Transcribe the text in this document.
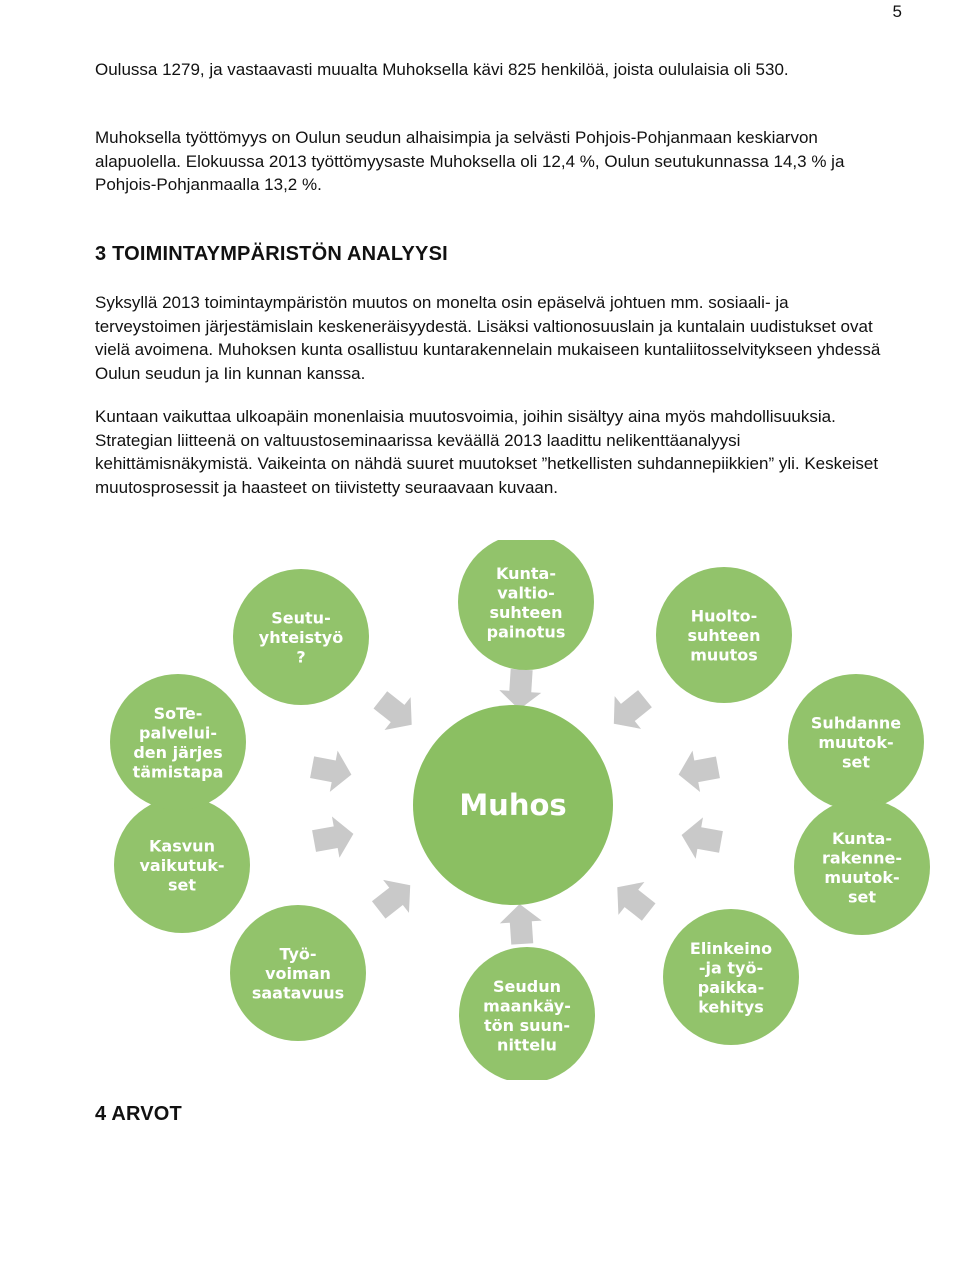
5

Oulussa 1279, ja vastaavasti muualta Muhoksella kävi 825 henkilöä, joista oululaisia oli 530.

Muhoksella työttömyys on Oulun seudun alhaisimpia ja selvästi Pohjois-Pohjanmaan keskiarvon alapuolella. Elokuussa 2013 työttömyysaste Muhoksella oli 12,4 %, Oulun seutukunnassa 14,3 % ja Pohjois-Pohjanmaalla 13,2 %.

3 TOIMINTAYMPÄRISTÖN ANALYYSI

Syksyllä 2013 toimintaympäristön muutos on monelta osin epäselvä johtuen mm. sosiaali- ja terveystoimen järjestämislain keskeneräisyydestä. Lisäksi valtionosuuslain ja kuntalain uudistukset ovat vielä avoimena. Muhoksen kunta osallistuu kuntarakennelain mukaiseen kuntaliitosselvitykseen yhdessä Oulun seudun ja Iin kunnan kanssa.

Kuntaan vaikuttaa ulkoapäin monenlaisia muutosvoimia, joihin sisältyy aina myös mahdollisuuksia. Strategian liitteenä on valtuustoseminaarissa keväällä 2013 laadittu nelikenttäanalyysi kehittämisnäkymistä. Vaikeinta on nähdä suuret muutokset ”hetkellisten suhdannepiikkien” yli. Keskeiset muutosprosessit ja haasteet on tiivistetty seuraavaan kuvaan.

Kunta-
valtio-
suhteen
painotus
Huolto-
suhteen
muutos
Suhdanne
muutok-
set
Kunta-
rakenne-
muutok-
set
Elinkeino
-ja työ-
paikka-
kehitys
Seudun
maankäy-
tön suun-
nittelu
Työ-
voiman
saatavuus
Kasvun
vaikutuk-
set
SoTe-
palvelui-
den järjes
tämistapa
Seutu-
yhteistyö
?
Muhos
4 ARVOT
